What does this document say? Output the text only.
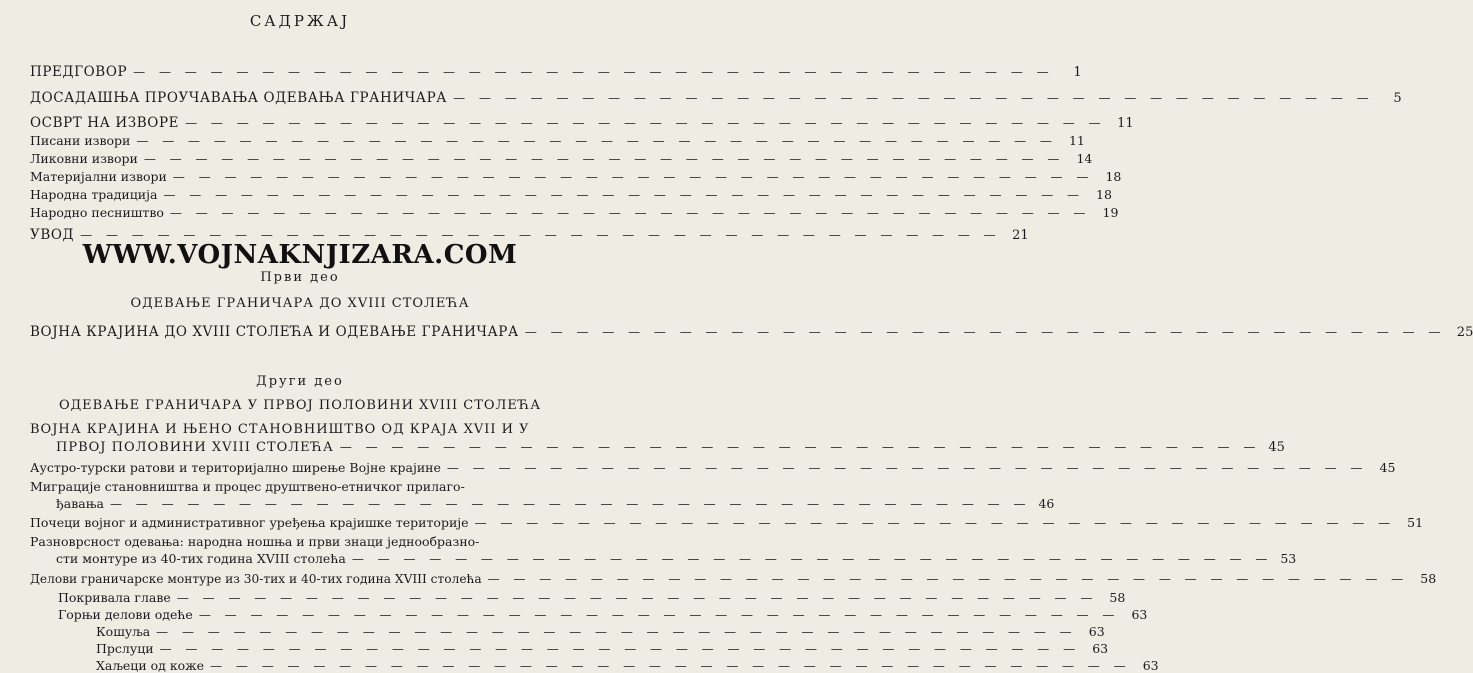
САДРЖАЈ
ПРЕДГОВОР — — — — — — — — — — — — — — — — — — — — — — — — — — — — — — — — — — — —	1
ДОСАДАШЊА ПРОУЧАВАЊА ОДЕВАЊА ГРАНИЧАРА — — — — — — — — — — — — — — — — — — — — — — — — — — — — — — — — — — — —	5
ОСВРТ НА ИЗВОРЕ — — — — — — — — — — — — — — — — — — — — — — — — — — — — — — — — — — — — 11
Писани извори — — — — — — — — — — — — — — — — — — — — — — — — — — — — — — — — — — — — 11
Ликовни извори — — — — — — — — — — — — — — — — — — — — — — — — — — — — — — — — — — — — 14
Материјални извори — — — — — — — — — — — — — — — — — — — — — — — — — — — — — — — — — — — — 18
Народна традиција — — — — — — — — — — — — — — — — — — — — — — — — — — — — — — — — — — — — 18
Народно песништво — — — — — — — — — — — — — — — — — — — — — — — — — — — — — — — — — — — — 19
УВОД — — — — — — — — — — — — — — — — — — — — — — — — — — — — — — — — — — — — 21
WWW.VOJNAKNJIZARA.COM
Први део
ОДЕВАЊЕ ГРАНИЧАРА ДО XVIII СТОЛЕЋА
ВОЈНА КРАЈИНА ДО XVIII СТОЛЕЋА И ОДЕВАЊЕ ГРАНИЧАРА — — — — — — — — — — — — — — — — — — — — — — — — — — — — — — — — — — — — 25
Други део
ОДЕВАЊЕ ГРАНИЧАРА У ПРВОЈ ПОЛОВИНИ XVIII СТОЛЕЋА
ВОЈНА КРАЈИНА И ЊЕНО СТАНОВНИШТВО ОД КРАЈА XVII И У
ПРВОЈ ПОЛОВИНИ XVIII СТОЛЕЋА — — — — — — — — — — — — — — — — — — — — — — — — — — — — — — — — — — — — 45
Аустро-турски ратови и територијално ширење Војне крајине — — — — — — — — — — — — — — — — — — — — — — — — — — — — — — — — — — — — 45
Миграције становништва и процес друштвено-етничког прилаго-
ђавања — — — — — — — — — — — — — — — — — — — — — — — — — — — — — — — — — — — — 46
Почеци војног и административног уређења крајишке територије — — — — — — — — — — — — — — — — — — — — — — — — — — — — — — — — — — — — 51
Разноврсност одевања: народна ношња и први знаци једнообразно-
сти монтуре из 40-тих година XVIII столећа — — — — — — — — — — — — — — — — — — — — — — — — — — — — — — — — — — — — 53
Делови граничарске монтуре из 30-тих и 40-тих година XVIII столећа — — — — — — — — — — — — — — — — — — — — — — — — — — — — — — — — — — — — 58
Покривала главе — — — — — — — — — — — — — — — — — — — — — — — — — — — — — — — — — — — — 58
Горњи делови одеће — — — — — — — — — — — — — — — — — — — — — — — — — — — — — — — — — — — — 63
Кошуља — — — — — — — — — — — — — — — — — — — — — — — — — — — — — — — — — — — — 63
Прслуци — — — — — — — — — — — — — — — — — — — — — — — — — — — — — — — — — — — — 63
Хаљеци од коже — — — — — — — — — — — — — — — — — — — — — — — — — — — — — — — — — — — — 63
